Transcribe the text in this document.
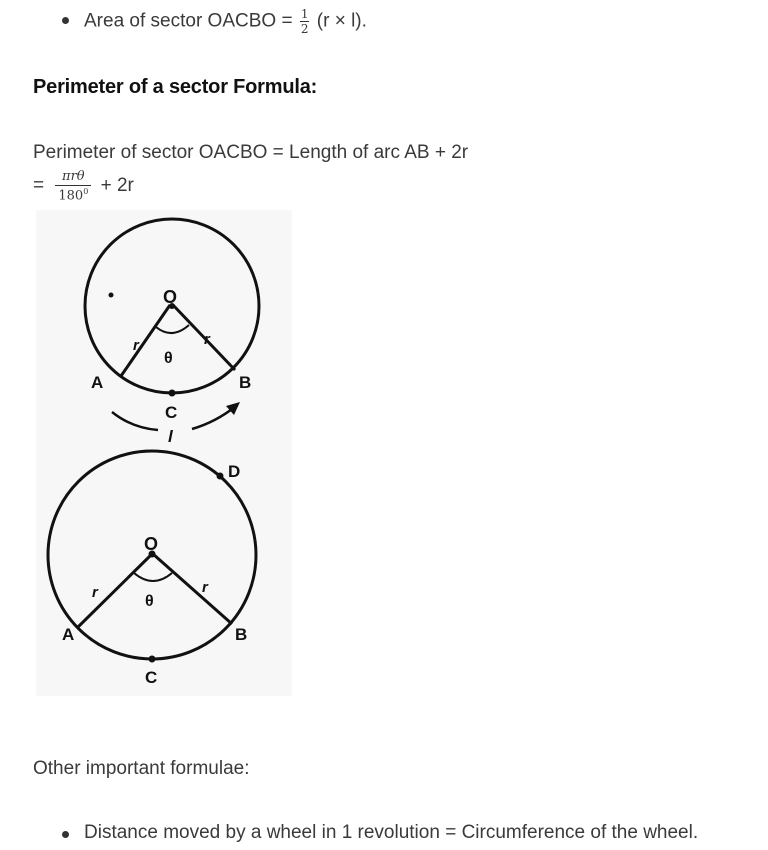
Area of sector OACBO = $\frac{1}{2} (r \times l)$.
Perimeter of a sector Formula:
Perimeter of sector OACBO = Length of arc AB + 2r
= $\frac{\text{πrθ}}{180^0} + 2r$
O
r	r
θ
A	B
C
l
O
r	r
θ
A	B
C
D
Other important formulae:
Distance moved by a wheel in 1 revolution = Circumference of the wheel.
